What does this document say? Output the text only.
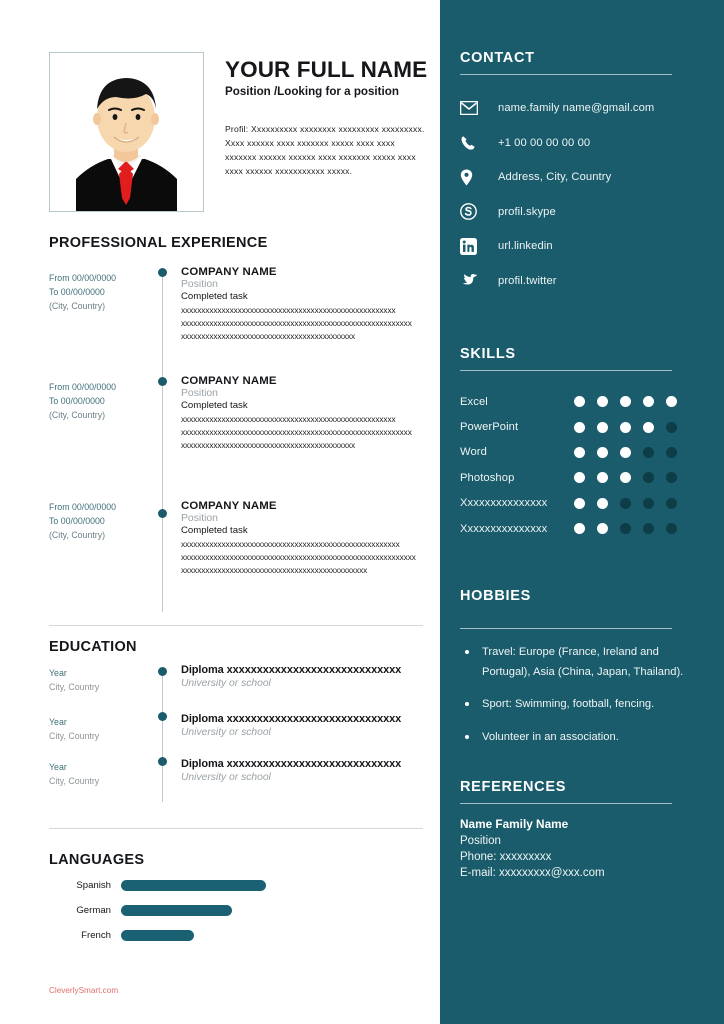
YOUR FULL NAME
Position /Looking for a position
Profil: Xxxxxxxxxx xxxxxxxx xxxxxxxxx xxxxxxxxx. Xxxx xxxxxx xxxx xxxxxxx xxxxx xxxx xxxx xxxxxxx xxxxxx xxxxxx xxxx xxxxxxx xxxxx xxxx xxxx xxxxxx xxxxxxxxxxx xxxxx.
PROFESSIONAL EXPERIENCE
From 00/00/0000
To 00/00/0000
(City, Country)
COMPANY NAME
Position
Completed task
xxxxxxxxxxxxxxxxxxxxxxxxxxxxxxxxxxxxxxxxxxxxxxxxxxxxx xxxxxxxxxxxxxxxxxxxxxxxxxxxxxxxxxxxxxxxxxxxxxxxxxxxxxxxxx xxxxxxxxxxxxxxxxxxxxxxxxxxxxxxxxxxxxxxxxxxx
From 00/00/0000
To 00/00/0000
(City, Country)
COMPANY NAME
Position
Completed task
xxxxxxxxxxxxxxxxxxxxxxxxxxxxxxxxxxxxxxxxxxxxxxxxxxxxx xxxxxxxxxxxxxxxxxxxxxxxxxxxxxxxxxxxxxxxxxxxxxxxxxxxxxxxxx xxxxxxxxxxxxxxxxxxxxxxxxxxxxxxxxxxxxxxxxxxx
From 00/00/0000
To 00/00/0000
(City, Country)
COMPANY NAME
Position
Completed task
xxxxxxxxxxxxxxxxxxxxxxxxxxxxxxxxxxxxxxxxxxxxxxxxxxxxxx xxxxxxxxxxxxxxxxxxxxxxxxxxxxxxxxxxxxxxxxxxxxxxxxxxxxxxxxxx xxxxxxxxxxxxxxxxxxxxxxxxxxxxxxxxxxxxxxxxxxxxxx
EDUCATION
Year
City, Country
Diploma xxxxxxxxxxxxxxxxxxxxxxxxxxxxx
University or school
Year
City, Country
Diploma xxxxxxxxxxxxxxxxxxxxxxxxxxxxx
University or school
Year
City, Country
Diploma xxxxxxxxxxxxxxxxxxxxxxxxxxxxx
University or school
LANGUAGES
Spanish
German
French
CleverlySmart.com
CONTACT
name.family name@gmail.com
+1 00 00 00 00 00
Address, City, Country
profil.skype
url.linkedin
profil.twitter
SKILLS
Excel
PowerPoint
Word
Photoshop
Xxxxxxxxxxxxxxx
Xxxxxxxxxxxxxxx
HOBBIES
Travel: Europe (France, Ireland and Portugal), Asia (China, Japan, Thailand).
Sport: Swimming, football, fencing.
Volunteer in an association.
REFERENCES
Name Family Name
Position
Phone: xxxxxxxxx
E-mail: xxxxxxxxx@xxx.com
